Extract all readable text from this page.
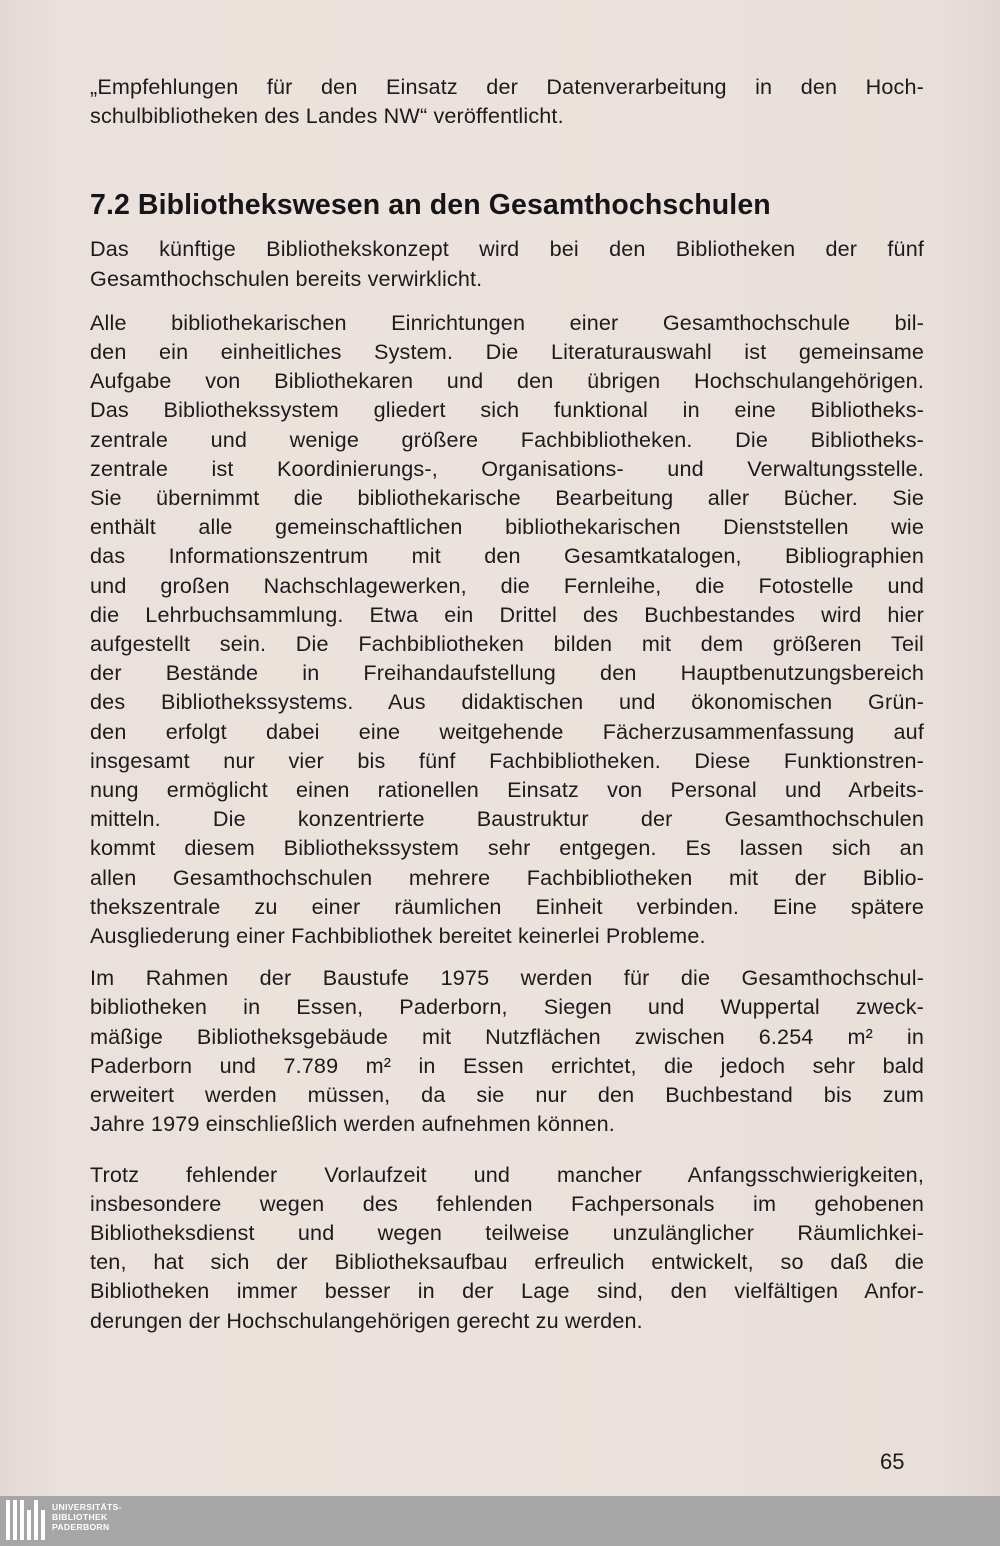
„Empfehlungen für den Einsatz der Datenverarbeitung in den Hoch-
schulbibliotheken des Landes NW“ veröffentlicht.

7.2 Bibliothekswesen an den Gesamthochschulen

Das künftige Bibliothekskonzept wird bei den Bibliotheken der fünf
Gesamthochschulen bereits verwirklicht.

Alle bibliothekarischen Einrichtungen einer Gesamthochschule bil-
den ein einheitliches System. Die Literaturauswahl ist gemeinsame
Aufgabe von Bibliothekaren und den übrigen Hochschulangehörigen.
Das Bibliothekssystem gliedert sich funktional in eine Bibliotheks-
zentrale und wenige größere Fachbibliotheken. Die Bibliotheks-
zentrale ist Koordinierungs-, Organisations- und Verwaltungsstelle.
Sie übernimmt die bibliothekarische Bearbeitung aller Bücher. Sie
enthält alle gemeinschaftlichen bibliothekarischen Dienststellen wie
das Informationszentrum mit den Gesamtkatalogen, Bibliographien
und großen Nachschlagewerken, die Fernleihe, die Fotostelle und
die Lehrbuchsammlung. Etwa ein Drittel des Buchbestandes wird hier
aufgestellt sein. Die Fachbibliotheken bilden mit dem größeren Teil
der Bestände in Freihandaufstellung den Hauptbenutzungsbereich
des Bibliothekssystems. Aus didaktischen und ökonomischen Grün-
den erfolgt dabei eine weitgehende Fächerzusammenfassung auf
insgesamt nur vier bis fünf Fachbibliotheken. Diese Funktionstren-
nung ermöglicht einen rationellen Einsatz von Personal und Arbeits-
mitteln. Die konzentrierte Baustruktur der Gesamthochschulen
kommt diesem Bibliothekssystem sehr entgegen. Es lassen sich an
allen Gesamthochschulen mehrere Fachbibliotheken mit der Biblio-
thekszentrale zu einer räumlichen Einheit verbinden. Eine spätere
Ausgliederung einer Fachbibliothek bereitet keinerlei Probleme.

Im Rahmen der Baustufe 1975 werden für die Gesamthochschul-
bibliotheken in Essen, Paderborn, Siegen und Wuppertal zweck-
mäßige Bibliotheksgebäude mit Nutzflächen zwischen 6.254 m² in
Paderborn und 7.789 m² in Essen errichtet, die jedoch sehr bald
erweitert werden müssen, da sie nur den Buchbestand bis zum
Jahre 1979 einschließlich werden aufnehmen können.

Trotz fehlender Vorlaufzeit und mancher Anfangsschwierigkeiten,
insbesondere wegen des fehlenden Fachpersonals im gehobenen
Bibliotheksdienst und wegen teilweise unzulänglicher Räumlichkei-
ten, hat sich der Bibliotheksaufbau erfreulich entwickelt, so daß die
Bibliotheken immer besser in der Lage sind, den vielfältigen Anfor-
derungen der Hochschulangehörigen gerecht zu werden.

65
UNIVERSITÄTS-
BIBLIOTHEK
PADERBORN
